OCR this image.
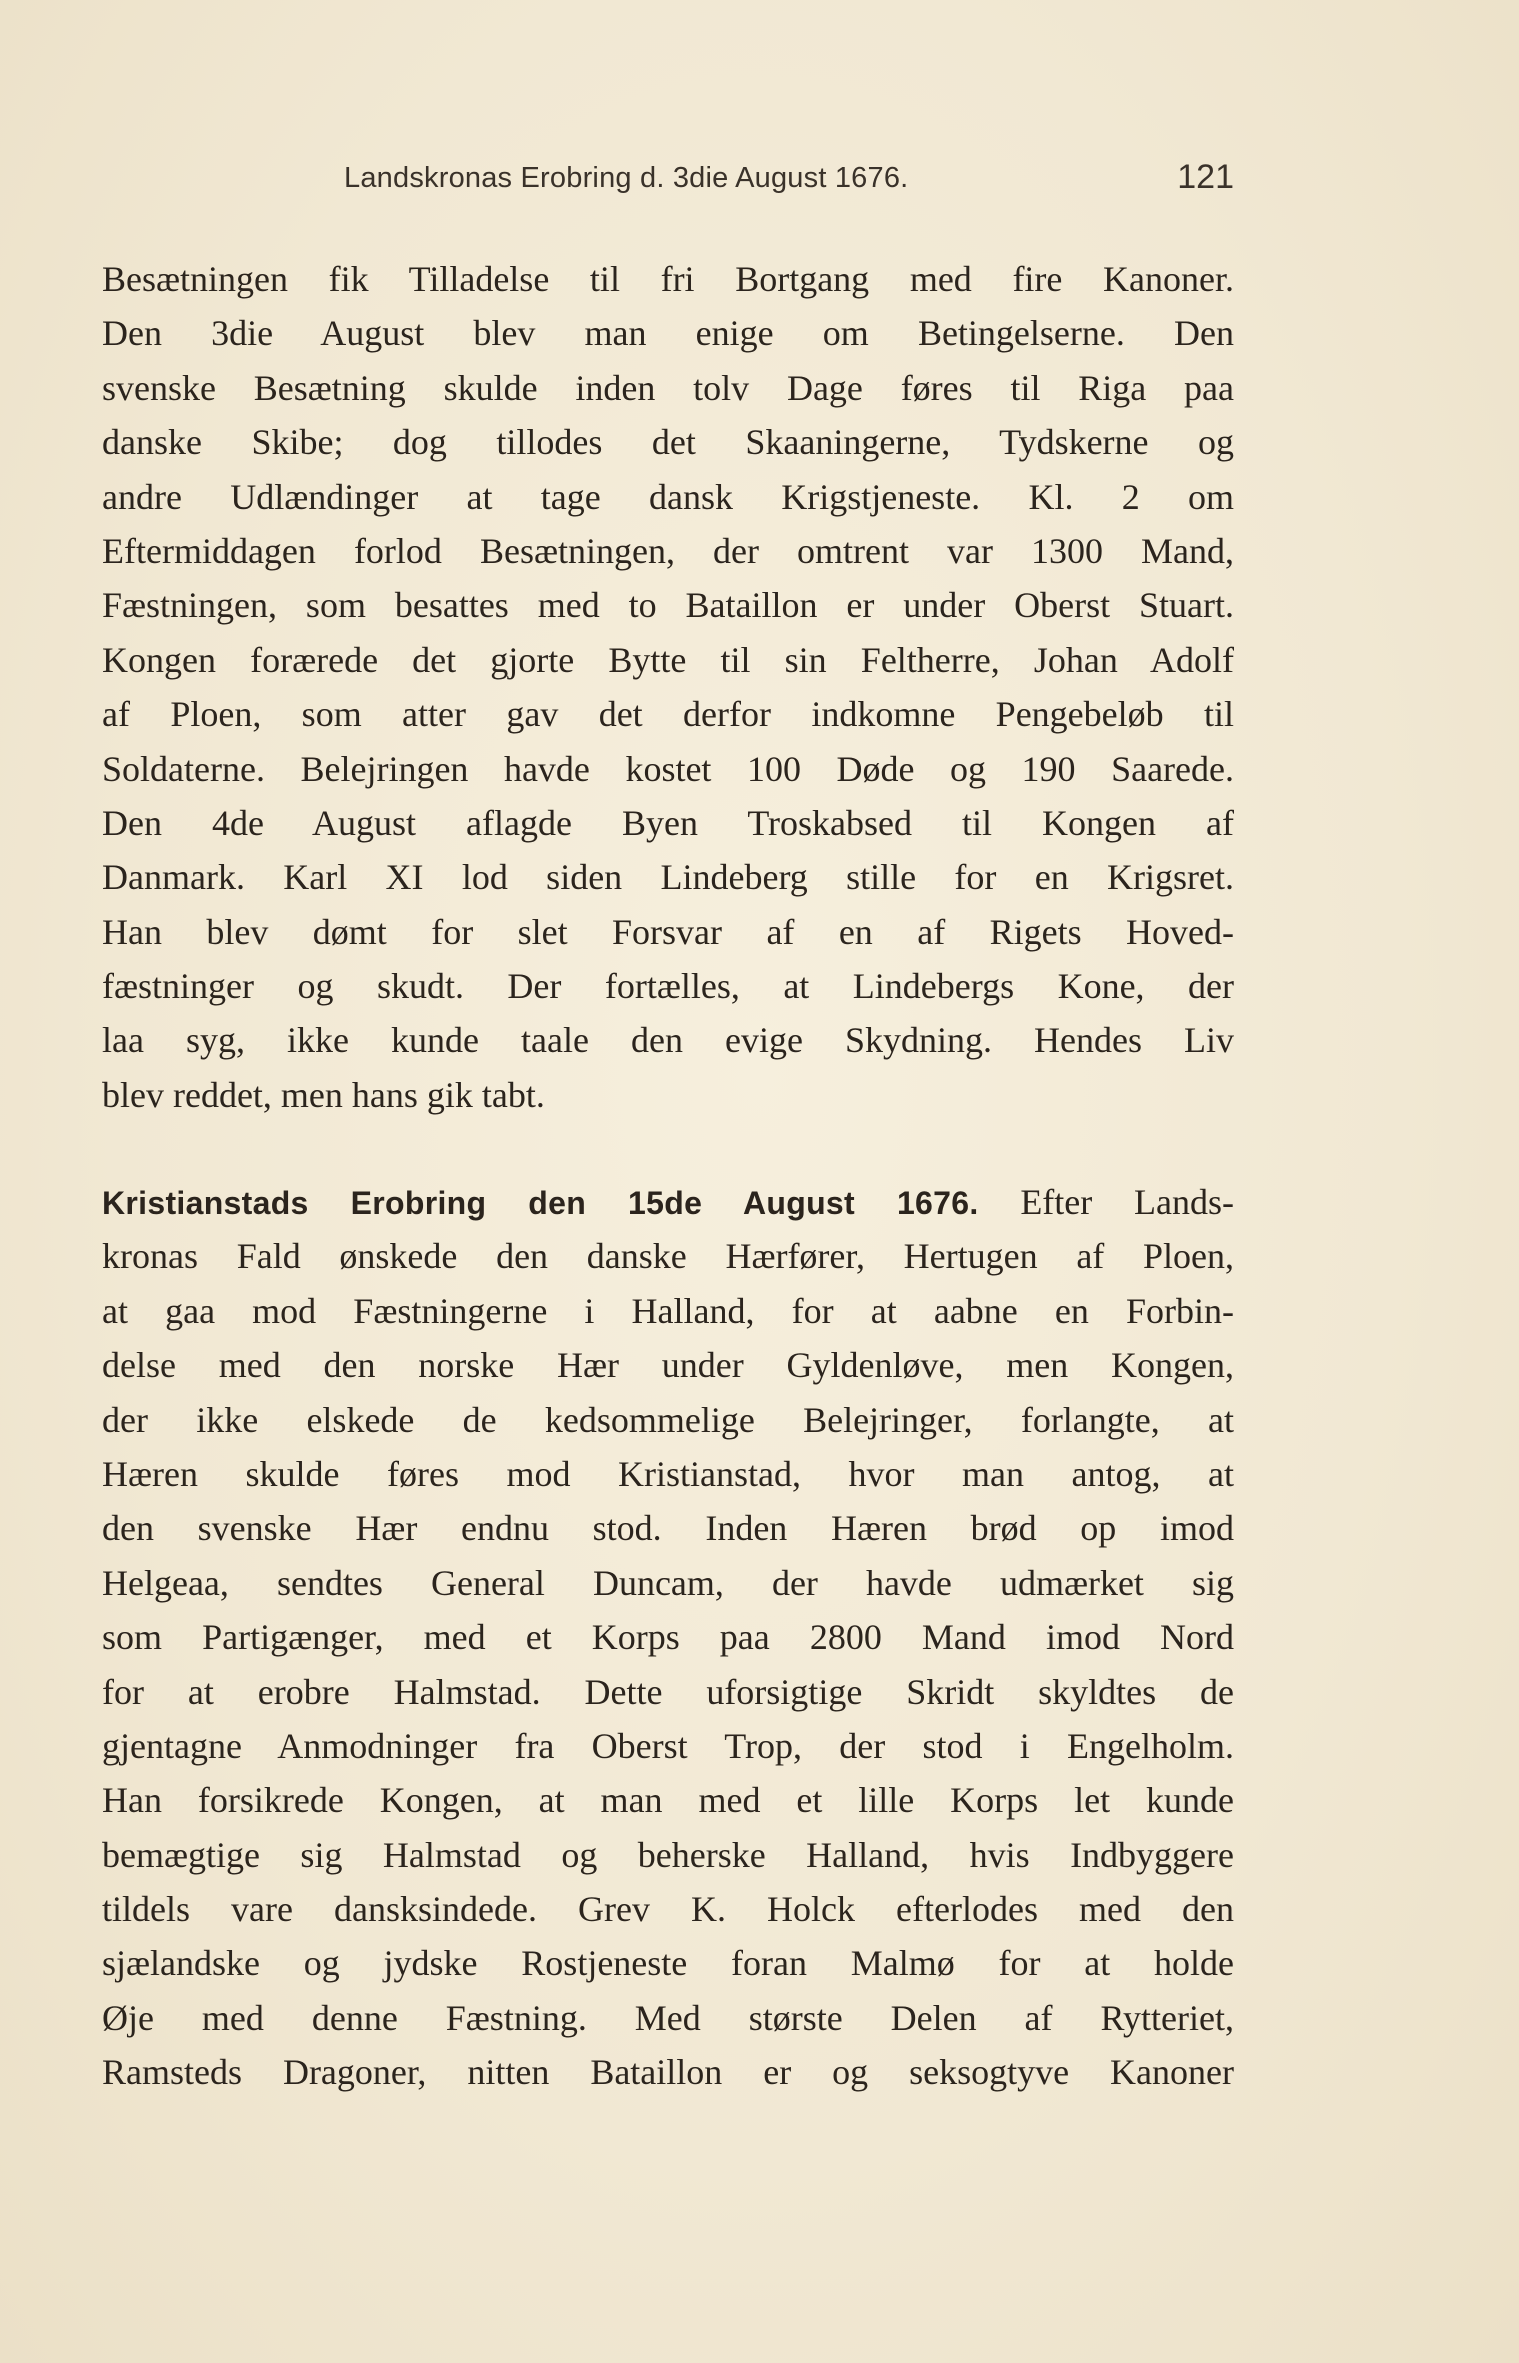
Landskronas Erobring d. 3die August 1676.	121
Besætningen fik Tilladelse til fri Bortgang med fire Kanoner.
Den 3die August blev man enige om Betingelserne. Den
svenske Besætning skulde inden tolv Dage føres til Riga paa
danske Skibe; dog tillodes det Skaaningerne, Tydskerne og
andre Udlændinger at tage dansk Krigstjeneste. Kl. 2 om
Eftermiddagen forlod Besætningen, der omtrent var 1300 Mand,
Fæstningen, som besattes med to Bataillon er under Oberst Stuart.
Kongen forærede det gjorte Bytte til sin Feltherre, Johan Adolf
af Ploen, som atter gav det derfor indkomne Pengebeløb til
Soldaterne. Belejringen havde kostet 100 Døde og 190 Saarede.
Den 4de August aflagde Byen Troskabsed til Kongen af
Danmark. Karl XI lod siden Lindeberg stille for en Krigsret.
Han blev dømt for slet Forsvar af en af Rigets Hoved-
fæstninger og skudt. Der fortælles, at Lindebergs Kone, der
laa syg, ikke kunde taale den evige Skydning. Hendes Liv
blev reddet, men hans gik tabt.
Kristianstads Erobring den 15de August 1676. Efter Lands-
kronas Fald ønskede den danske Hærfører, Hertugen af Ploen,
at gaa mod Fæstningerne i Halland, for at aabne en Forbin-
delse med den norske Hær under Gyldenløve, men Kongen,
der ikke elskede de kedsommelige Belejringer, forlangte, at
Hæren skulde føres mod Kristianstad, hvor man antog, at
den svenske Hær endnu stod. Inden Hæren brød op imod
Helgeaa, sendtes General Duncam, der havde udmærket sig
som Partigænger, med et Korps paa 2800 Mand imod Nord
for at erobre Halmstad. Dette uforsigtige Skridt skyldtes de
gjentagne Anmodninger fra Oberst Trop, der stod i Engelholm.
Han forsikrede Kongen, at man med et lille Korps let kunde
bemægtige sig Halmstad og beherske Halland, hvis Indbyggere
tildels vare dansksindede. Grev K. Holck efterlodes med den
sjælandske og jydske Rostjeneste foran Malmø for at holde
Øje med denne Fæstning. Med største Delen af Rytteriet,
Ramsteds Dragoner, nitten Bataillon er og seksogtyve Kanoner
